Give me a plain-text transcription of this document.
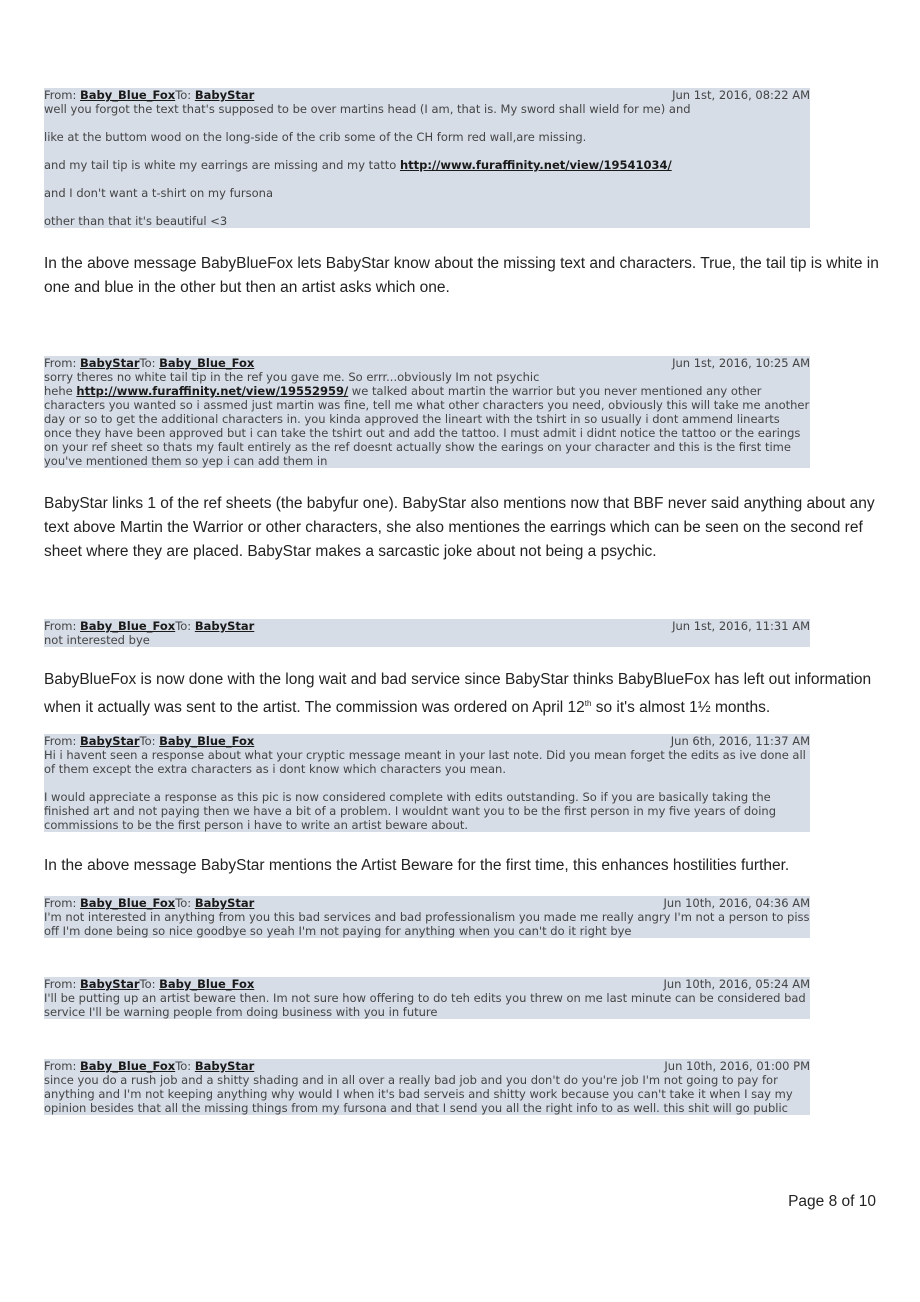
From: Baby_Blue_FoxTo: BabyStar	Jun 1st, 2016, 08:22 AM

well you forgot the text that's supposed to be over martins head (I am, that is. My sword shall wield for me) and

like at the buttom wood on the long-side of the crib some of the CH form red wall,are missing.

and my tail tip is white my earrings are missing and my tatto http://www.furaffinity.net/view/19541034/

and I don't want a t-shirt on my fursona

other than that it's beautiful <3

In the above message BabyBlueFox lets BabyStar know about the missing text and characters. True, the tail tip is white in one and blue in the other but then an artist asks which one.

From: BabyStarTo: Baby_Blue_Fox	Jun 1st, 2016, 10:25 AM

sorry theres no white tail tip in the ref you gave me. So errr...obviously Im not psychic

hehe http://www.furaffinity.net/view/19552959/ we talked about martin the warrior but you never mentioned any other characters you wanted so i assmed just martin was fine, tell me what other characters you need, obviously this will take me another day or so to get the additional characters in. you kinda approved the lineart with the tshirt in so usually i dont ammend linearts once they have been approved but i can take the tshirt out and add the tattoo. I must admit i didnt notice the tattoo or the earings on your ref sheet so thats my fault entirely as the ref doesnt actually show the earings on your character and this is the first time you've mentioned them so yep i can add them in

BabyStar links 1 of the ref sheets (the babyfur one). BabyStar also mentions now that BBF never said anything about any text above Martin the Warrior or other characters, she also mentiones the earrings which can be seen on the second ref sheet where they are placed. BabyStar makes a sarcastic joke about not being a psychic.

From: Baby_Blue_FoxTo: BabyStar	Jun 1st, 2016, 11:31 AM

not interested bye

BabyBlueFox is now done with the long wait and bad service since BabyStar thinks BabyBlueFox has left out information when it actually was sent to the artist. The commission was ordered on April 12th so it's almost 1½ months.

From: BabyStarTo: Baby_Blue_Fox	Jun 6th, 2016, 11:37 AM

Hi i havent seen a response about what your cryptic message meant in your last note. Did you mean forget the edits as ive done all of them except the extra characters as i dont know which characters you mean.

I would appreciate a response as this pic is now considered complete with edits outstanding. So if you are basically taking the finished art and not paying then we have a bit of a problem. I wouldnt want you to be the first person in my five years of doing commissions to be the first person i have to write an artist beware about.

In the above message BabyStar mentions the Artist Beware for the first time, this enhances hostilities further.

From: Baby_Blue_FoxTo: BabyStar	Jun 10th, 2016, 04:36 AM

I'm not interested in anything from you this bad services and bad professionalism you made me really angry I'm not a person to piss off I'm done being so nice goodbye so yeah I'm not paying for anything when you can't do it right bye

From: BabyStarTo: Baby_Blue_Fox	Jun 10th, 2016, 05:24 AM

I'll be putting up an artist beware then. Im not sure how offering to do teh edits you threw on me last minute can be considered bad service I'll be warning people from doing business with you in future

From: Baby_Blue_FoxTo: BabyStar	Jun 10th, 2016, 01:00 PM

since you do a rush job and a shitty shading and in all over a really bad job and you don't do you're job I'm not going to pay for anything and I'm not keeping anything why would I when it's bad serveis and shitty work because you can't take it when I say my opinion besides that all the missing things from my fursona and that I send you all the right info to as well. this shit will go public

Page 8 of 10
